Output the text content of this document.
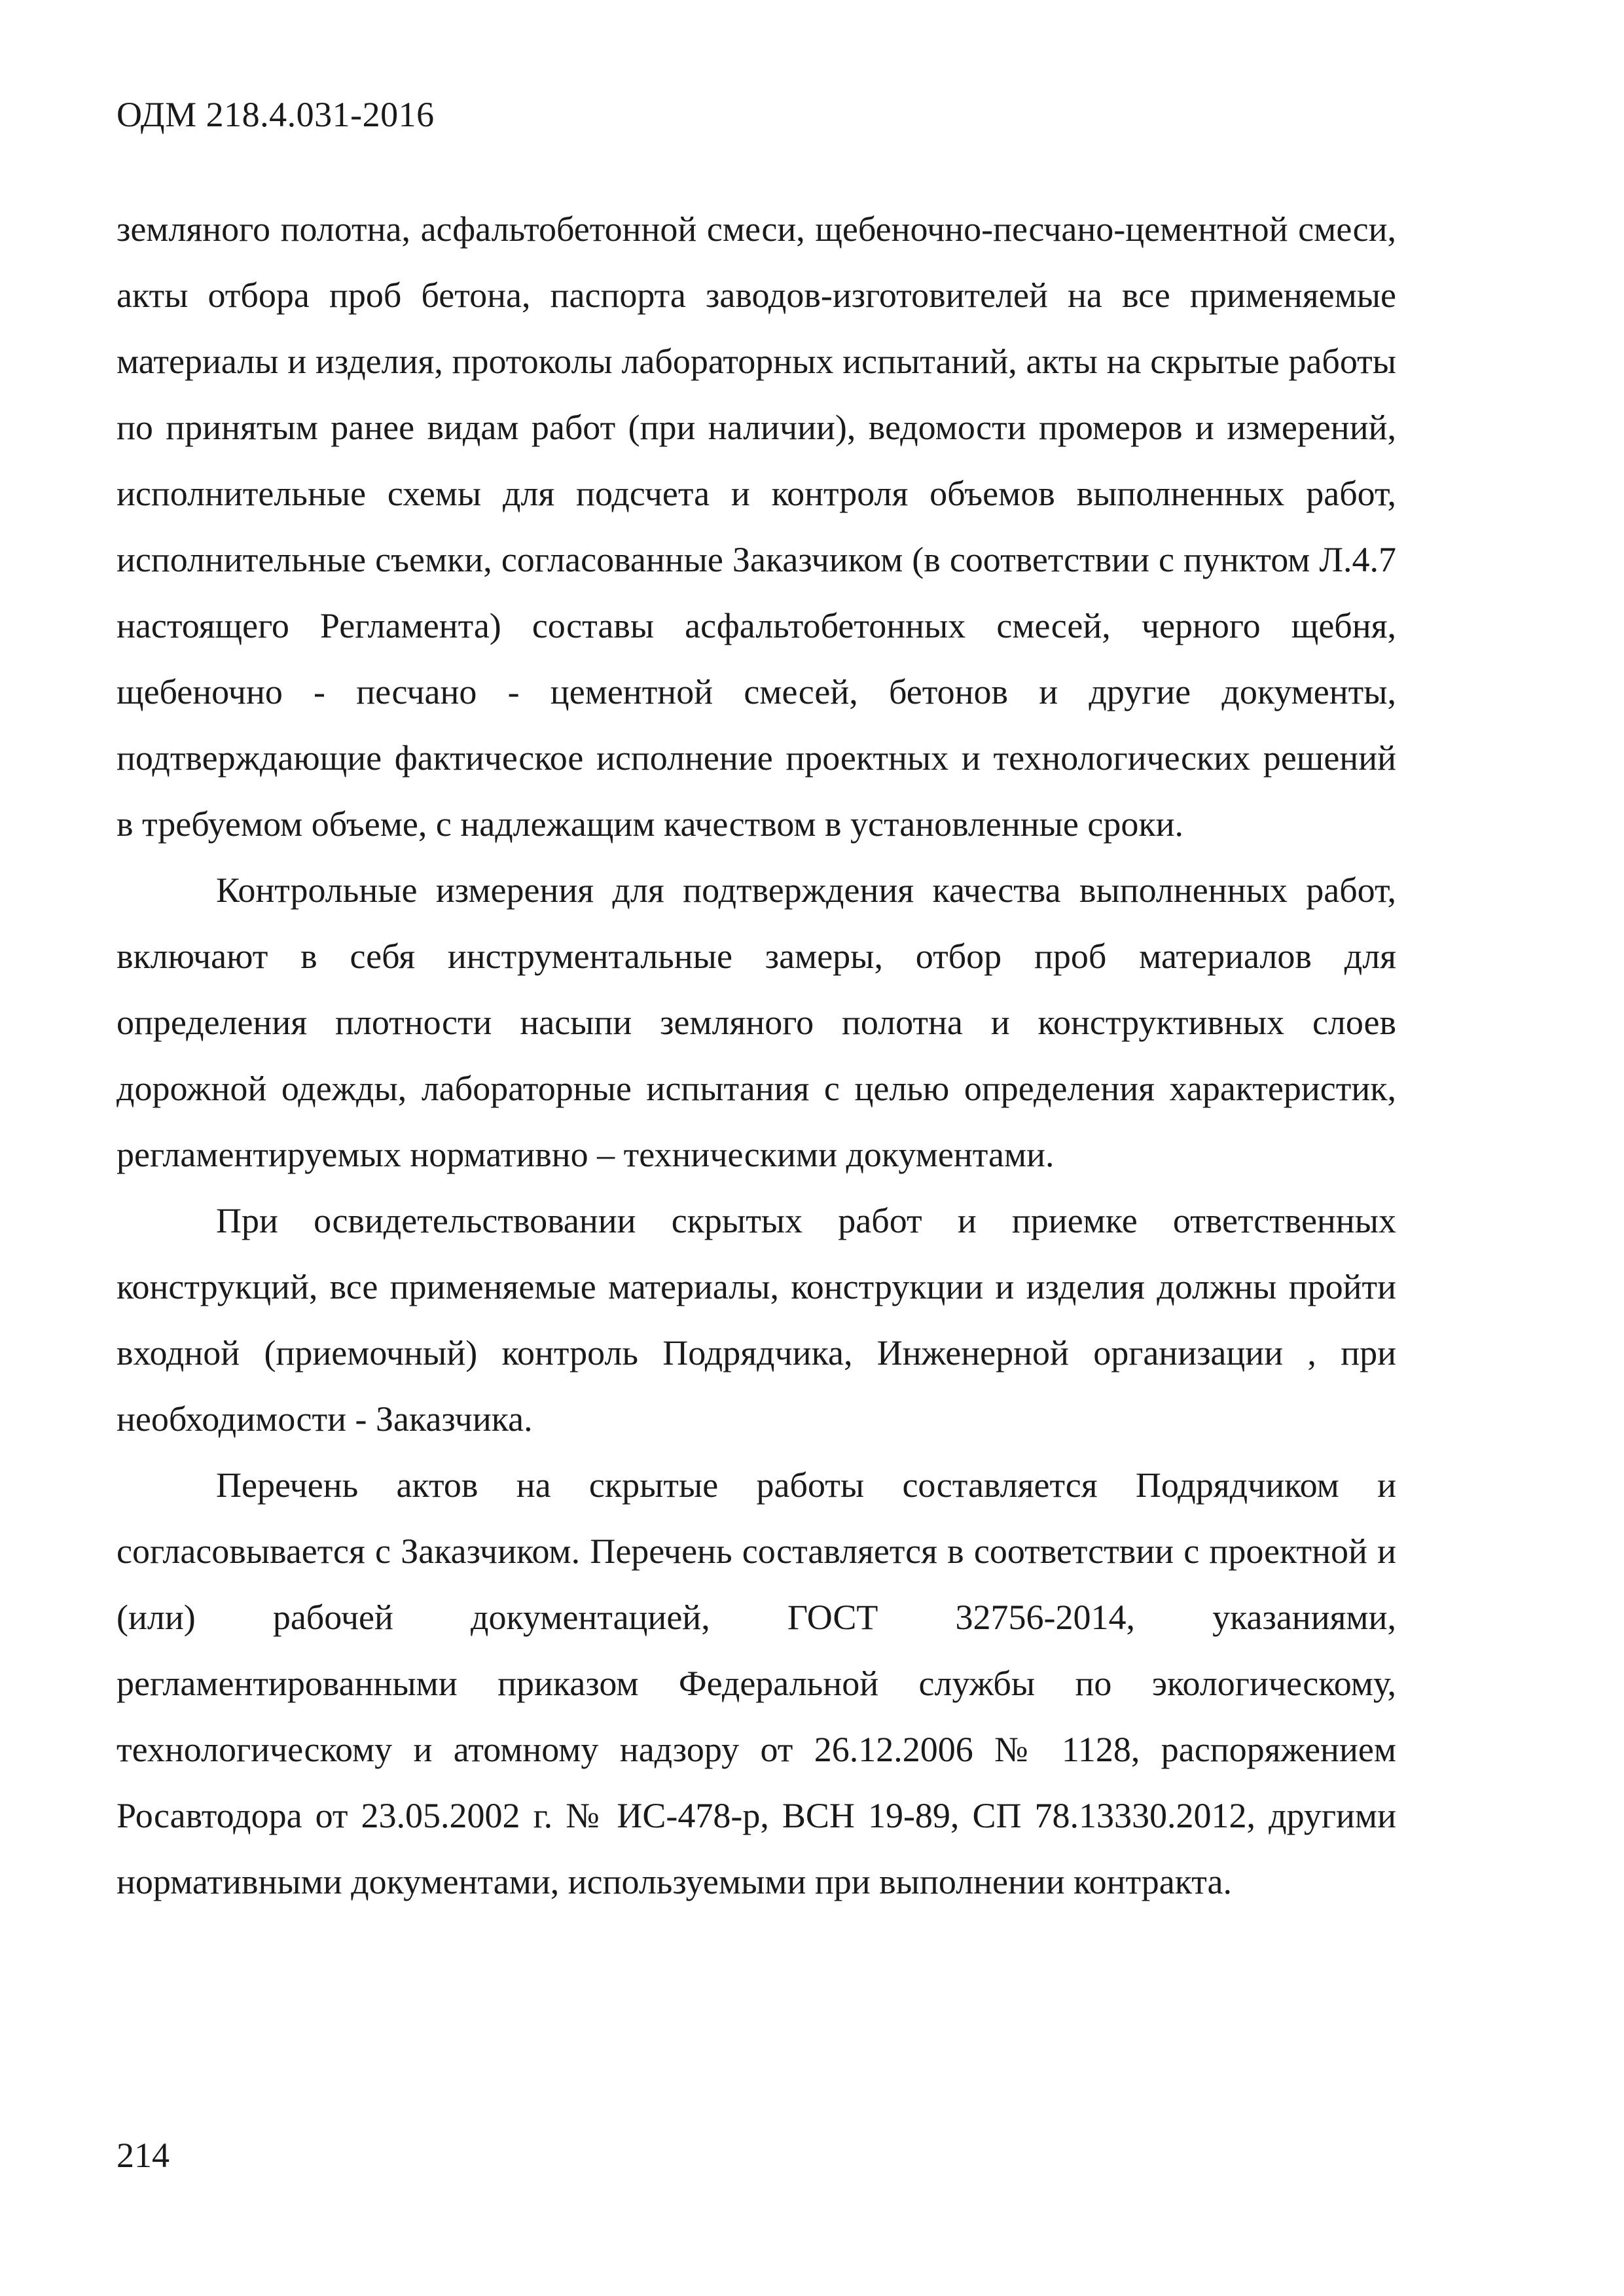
ОДМ 218.4.031-2016

земляного полотна, асфальтобетонной смеси, щебеночно-песчано-цементной смеси, акты отбора проб бетона, паспорта заводов-изготовителей на все применяемые материалы и изделия, протоколы лабораторных испытаний, акты на скрытые работы по принятым ранее видам работ (при наличии), ведомости промеров и измерений, исполнительные схемы для подсчета и контроля объемов выполненных работ, исполнительные съемки, согласованные Заказчиком (в соответствии с пунктом Л.4.7 настоящего Регламента) составы асфальтобетонных смесей, черного щебня, щебеночно - песчано - цементной смесей, бетонов и другие документы, подтверждающие фактическое исполнение проектных и технологических решений в требуемом объеме, с надлежащим качеством в установленные сроки.

Контрольные измерения для подтверждения качества выполненных работ, включают в себя инструментальные замеры, отбор проб материалов для определения плотности насыпи земляного полотна и конструктивных слоев дорожной одежды, лабораторные испытания с целью определения характеристик, регламентируемых нормативно – техническими документами.

При освидетельствовании скрытых работ и приемке ответственных конструкций, все применяемые материалы, конструкции и изделия должны пройти входной (приемочный) контроль Подрядчика, Инженерной организации , при необходимости - Заказчика.

Перечень актов на скрытые работы составляется Подрядчиком и согласовывается с Заказчиком. Перечень составляется в соответствии с проектной и (или) рабочей документацией, ГОСТ 32756-2014, указаниями, регламентированными приказом Федеральной службы по экологическому, технологическому и атомному надзору от 26.12.2006 № 1128, распоряжением Росавтодора от 23.05.2002 г. № ИС-478-р, ВСН 19-89, СП 78.13330.2012, другими нормативными документами, используемыми при выполнении контракта.

214
